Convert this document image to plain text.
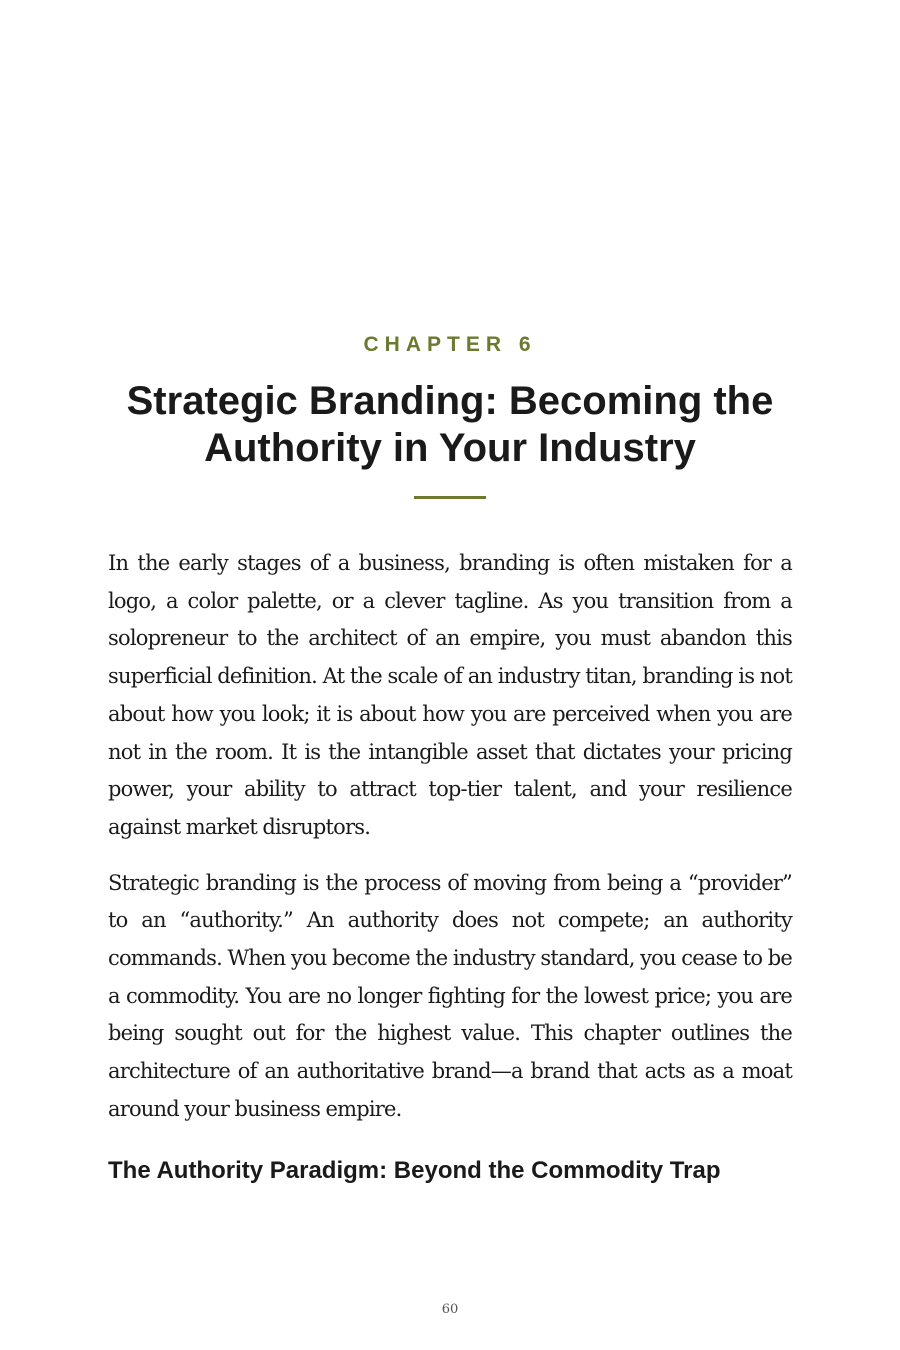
CHAPTER 6
Strategic Branding: Becoming the Authority in Your Industry

In the early stages of a business, branding is often mistaken for a logo, a color palette, or a clever tagline. As you transition from a solopreneur to the architect of an empire, you must abandon this superficial definition. At the scale of an industry titan, branding is not about how you look; it is about how you are perceived when you are not in the room. It is the intangible asset that dictates your pricing power, your ability to attract top-tier talent, and your resilience against market disruptors.

Strategic branding is the process of moving from being a “provider” to an “authority.” An authority does not compete; an authority commands. When you become the industry standard, you cease to be a commodity. You are no longer fighting for the lowest price; you are being sought out for the highest value. This chapter outlines the architecture of an authoritative brand—a brand that acts as a moat around your business empire.

The Authority Paradigm: Beyond the Commodity Trap
60
